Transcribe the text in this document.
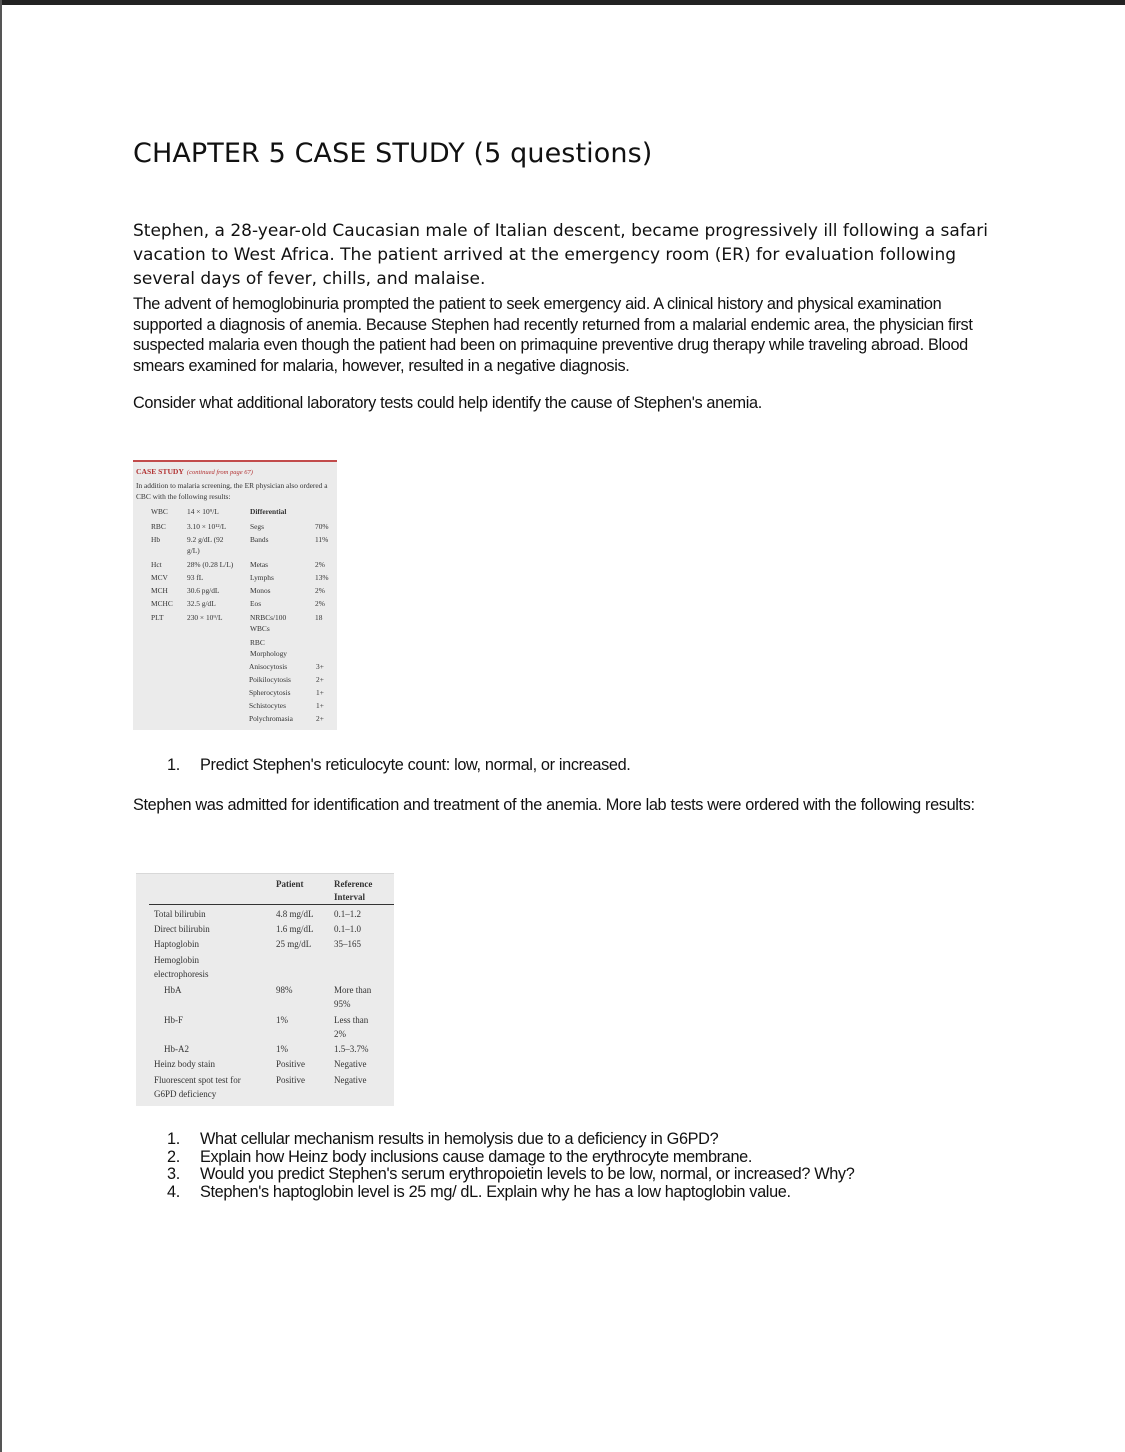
CHAPTER 5 CASE STUDY (5 questions)

Stephen, a 28-year-old Caucasian male of Italian descent, became progressively ill following a safari vacation to West Africa. The patient arrived at the emergency room (ER) for evaluation following several days of fever, chills, and malaise.

The advent of hemoglobinuria prompted the patient to seek emergency aid. A clinical history and physical examination supported a diagnosis of anemia. Because Stephen had recently returned from a malarial endemic area, the physician first suspected malaria even though the patient had been on primaquine preventive drug therapy while traveling abroad. Blood smears examined for malaria, however, resulted in a negative diagnosis.

Consider what additional laboratory tests could help identify the cause of Stephen's anemia.
CASE STUDY (continued from page 67)
In addition to malaria screening, the ER physician also ordered a CBC with the following results:
Differential
WBC	14 × 10⁹/L
RBC	3.10 × 10¹²/L
Hb	9.2 g/dL (92
g/L)
Hct	28% (0.28 L/L)
MCV	93 fL
MCH	30.6 pg/dL
MCHC 32.5 g/dL
PLT	230 × 10⁹/L
Segs	70%
Bands	11%
Metas	2%
Lymphs	13%
Monos	2%
Eos	2%
NRBCs/100	18
WBCs
RBC
Morphology
Anisocytosis	3+
Poikilocytosis	2+
Spherocytosis	1+
Schistocytes	1+
Polychromasia	2+
1. Predict Stephen's reticulocyte count: low, normal, or increased.
Stephen was admitted for identification and treatment of the anemia. More lab tests were ordered with the following results:
Patient	Reference
Interval
Total bilirubin	4.8 mg/dL 0.1–1.2
Direct bilirubin	1.6 mg/dL 0.1–1.0
Haptoglobin	25 mg/dL	35–165
Hemoglobin
electrophoresis
HbA	98%	More than
95%
Hb-F	1%	Less than
2%
Hb-A2	1%	1.5–3.7%
Heinz body stain	Positive	Negative
Fluorescent spot test for	Positive	Negative
G6PD deficiency
1. What cellular mechanism results in hemolysis due to a deficiency in G6PD?
2. Explain how Heinz body inclusions cause damage to the erythrocyte membrane.
3. Would you predict Stephen's serum erythropoietin levels to be low, normal, or increased? Why?
4. Stephen's haptoglobin level is 25 mg/ dL. Explain why he has a low haptoglobin value.
